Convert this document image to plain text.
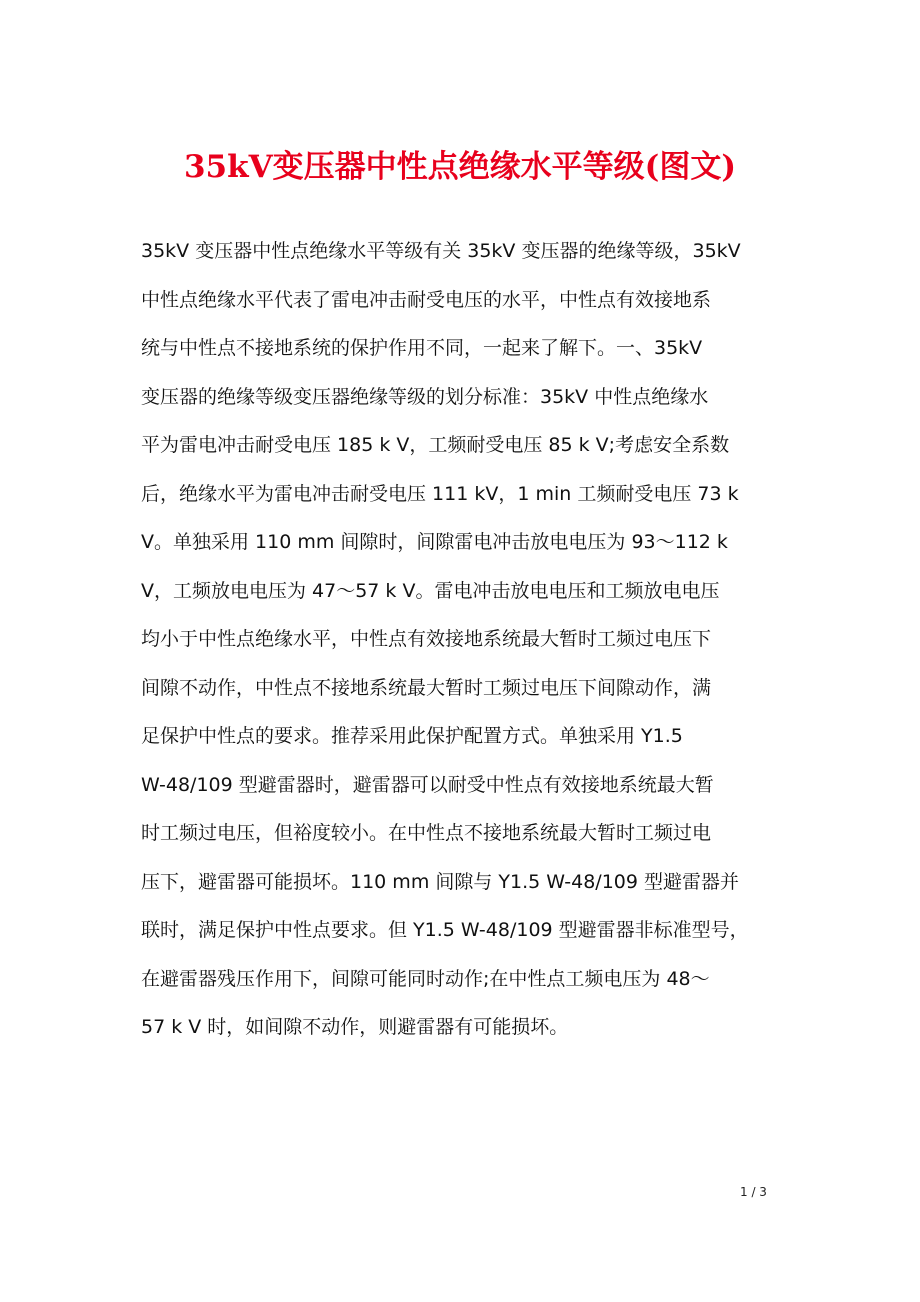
35kV变压器中性点绝缘水平等级(图文)
35kV 变压器中性点绝缘水平等级有关 35kV 变压器的绝缘等级，35kV
中性点绝缘水平代表了雷电冲击耐受电压的水平，中性点有效接地系
统与中性点不接地系统的保护作用不同，一起来了解下。一、35kV
变压器的绝缘等级变压器绝缘等级的划分标准：35kV 中性点绝缘水
平为雷电冲击耐受电压 185 k V，工频耐受电压 85 k V;考虑安全系数
后，绝缘水平为雷电冲击耐受电压 111 kV，1 min 工频耐受电压 73 k
V。单独采用 110 mm 间隙时，间隙雷电冲击放电电压为 93～112 k
V，工频放电电压为 47～57 k V。雷电冲击放电电压和工频放电电压
均小于中性点绝缘水平，中性点有效接地系统最大暂时工频过电压下
间隙不动作，中性点不接地系统最大暂时工频过电压下间隙动作，满
足保护中性点的要求。推荐采用此保护配置方式。单独采用 Y1.5
W-48/109 型避雷器时，避雷器可以耐受中性点有效接地系统最大暂
时工频过电压，但裕度较小。在中性点不接地系统最大暂时工频过电
压下，避雷器可能损坏。110 mm 间隙与 Y1.5 W-48/109 型避雷器并
联时，满足保护中性点要求。但 Y1.5 W-48/109 型避雷器非标准型号，
在避雷器残压作用下，间隙可能同时动作;在中性点工频电压为 48～
57 k V 时，如间隙不动作，则避雷器有可能损坏。
1 / 3
